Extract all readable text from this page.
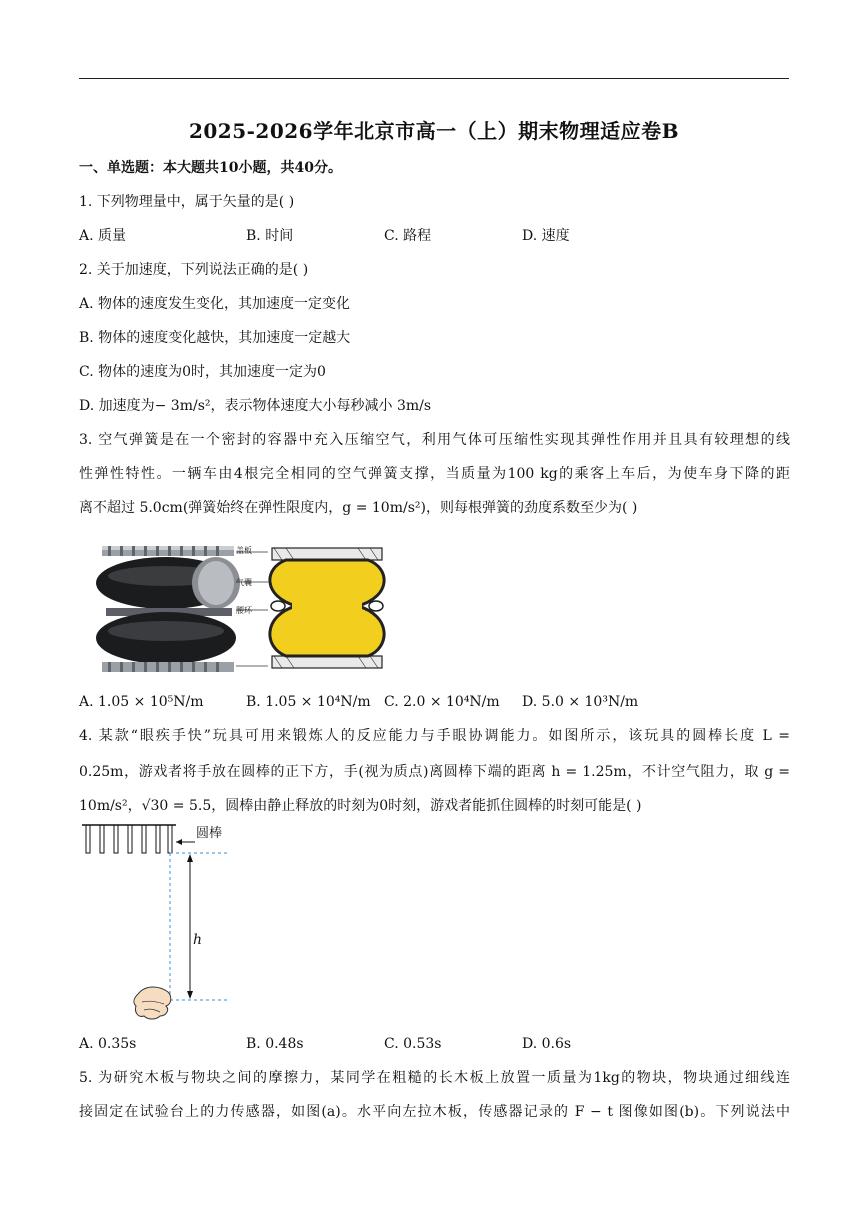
2025-2026学年北京市高一（上）期末物理适应卷B
一、单选题：本大题共10小题，共40分。
1. 下列物理量中，属于矢量的是( )
A. 质量	B. 时间	C. 路程	D. 速度
2. 关于加速度，下列说法正确的是( )
A. 物体的速度发生变化，其加速度一定变化
B. 物体的速度变化越快，其加速度一定越大
C. 物体的速度为0时，其加速度一定为0
D. 加速度为− 3m/s²，表示物体速度大小每秒减小 3m/s
3. 空气弹簧是在一个密封的容器中充入压缩空气，利用气体可压缩性实现其弹性作用并且具有较理想的线
性弹性特性。一辆车由4根完全相同的空气弹簧支撑，当质量为100 kg的乘客上车后，为使车身下降的距
离不超过 5.0cm(弹簧始终在弹性限度内，g = 10m/s²)，则每根弹簧的劲度系数至少为( )
盖板
气囊
腰环
A. 1.05 × 10⁵N/m	B. 1.05 × 10⁴N/m C. 2.0 × 10⁴N/m D. 5.0 × 10³N/m
4. 某款“眼疾手快”玩具可用来锻炼人的反应能力与手眼协调能力。如图所示，该玩具的圆棒长度 L =
0.25m，游戏者将手放在圆棒的正下方，手(视为质点)离圆棒下端的距离 h = 1.25m，不计空气阻力，取 g =
10m/s²，√30 = 5.5，圆棒由静止释放的时刻为0时刻，游戏者能抓住圆棒的时刻可能是( )
圆棒
h
A. 0.35s	B. 0.48s	C. 0.53s	D. 0.6s
5. 为研究木板与物块之间的摩擦力，某同学在粗糙的长木板上放置一质量为1kg的物块，物块通过细线连
接固定在试验台上的力传感器，如图(a)。水平向左拉木板，传感器记录的 F − t 图像如图(b)。下列说法中
